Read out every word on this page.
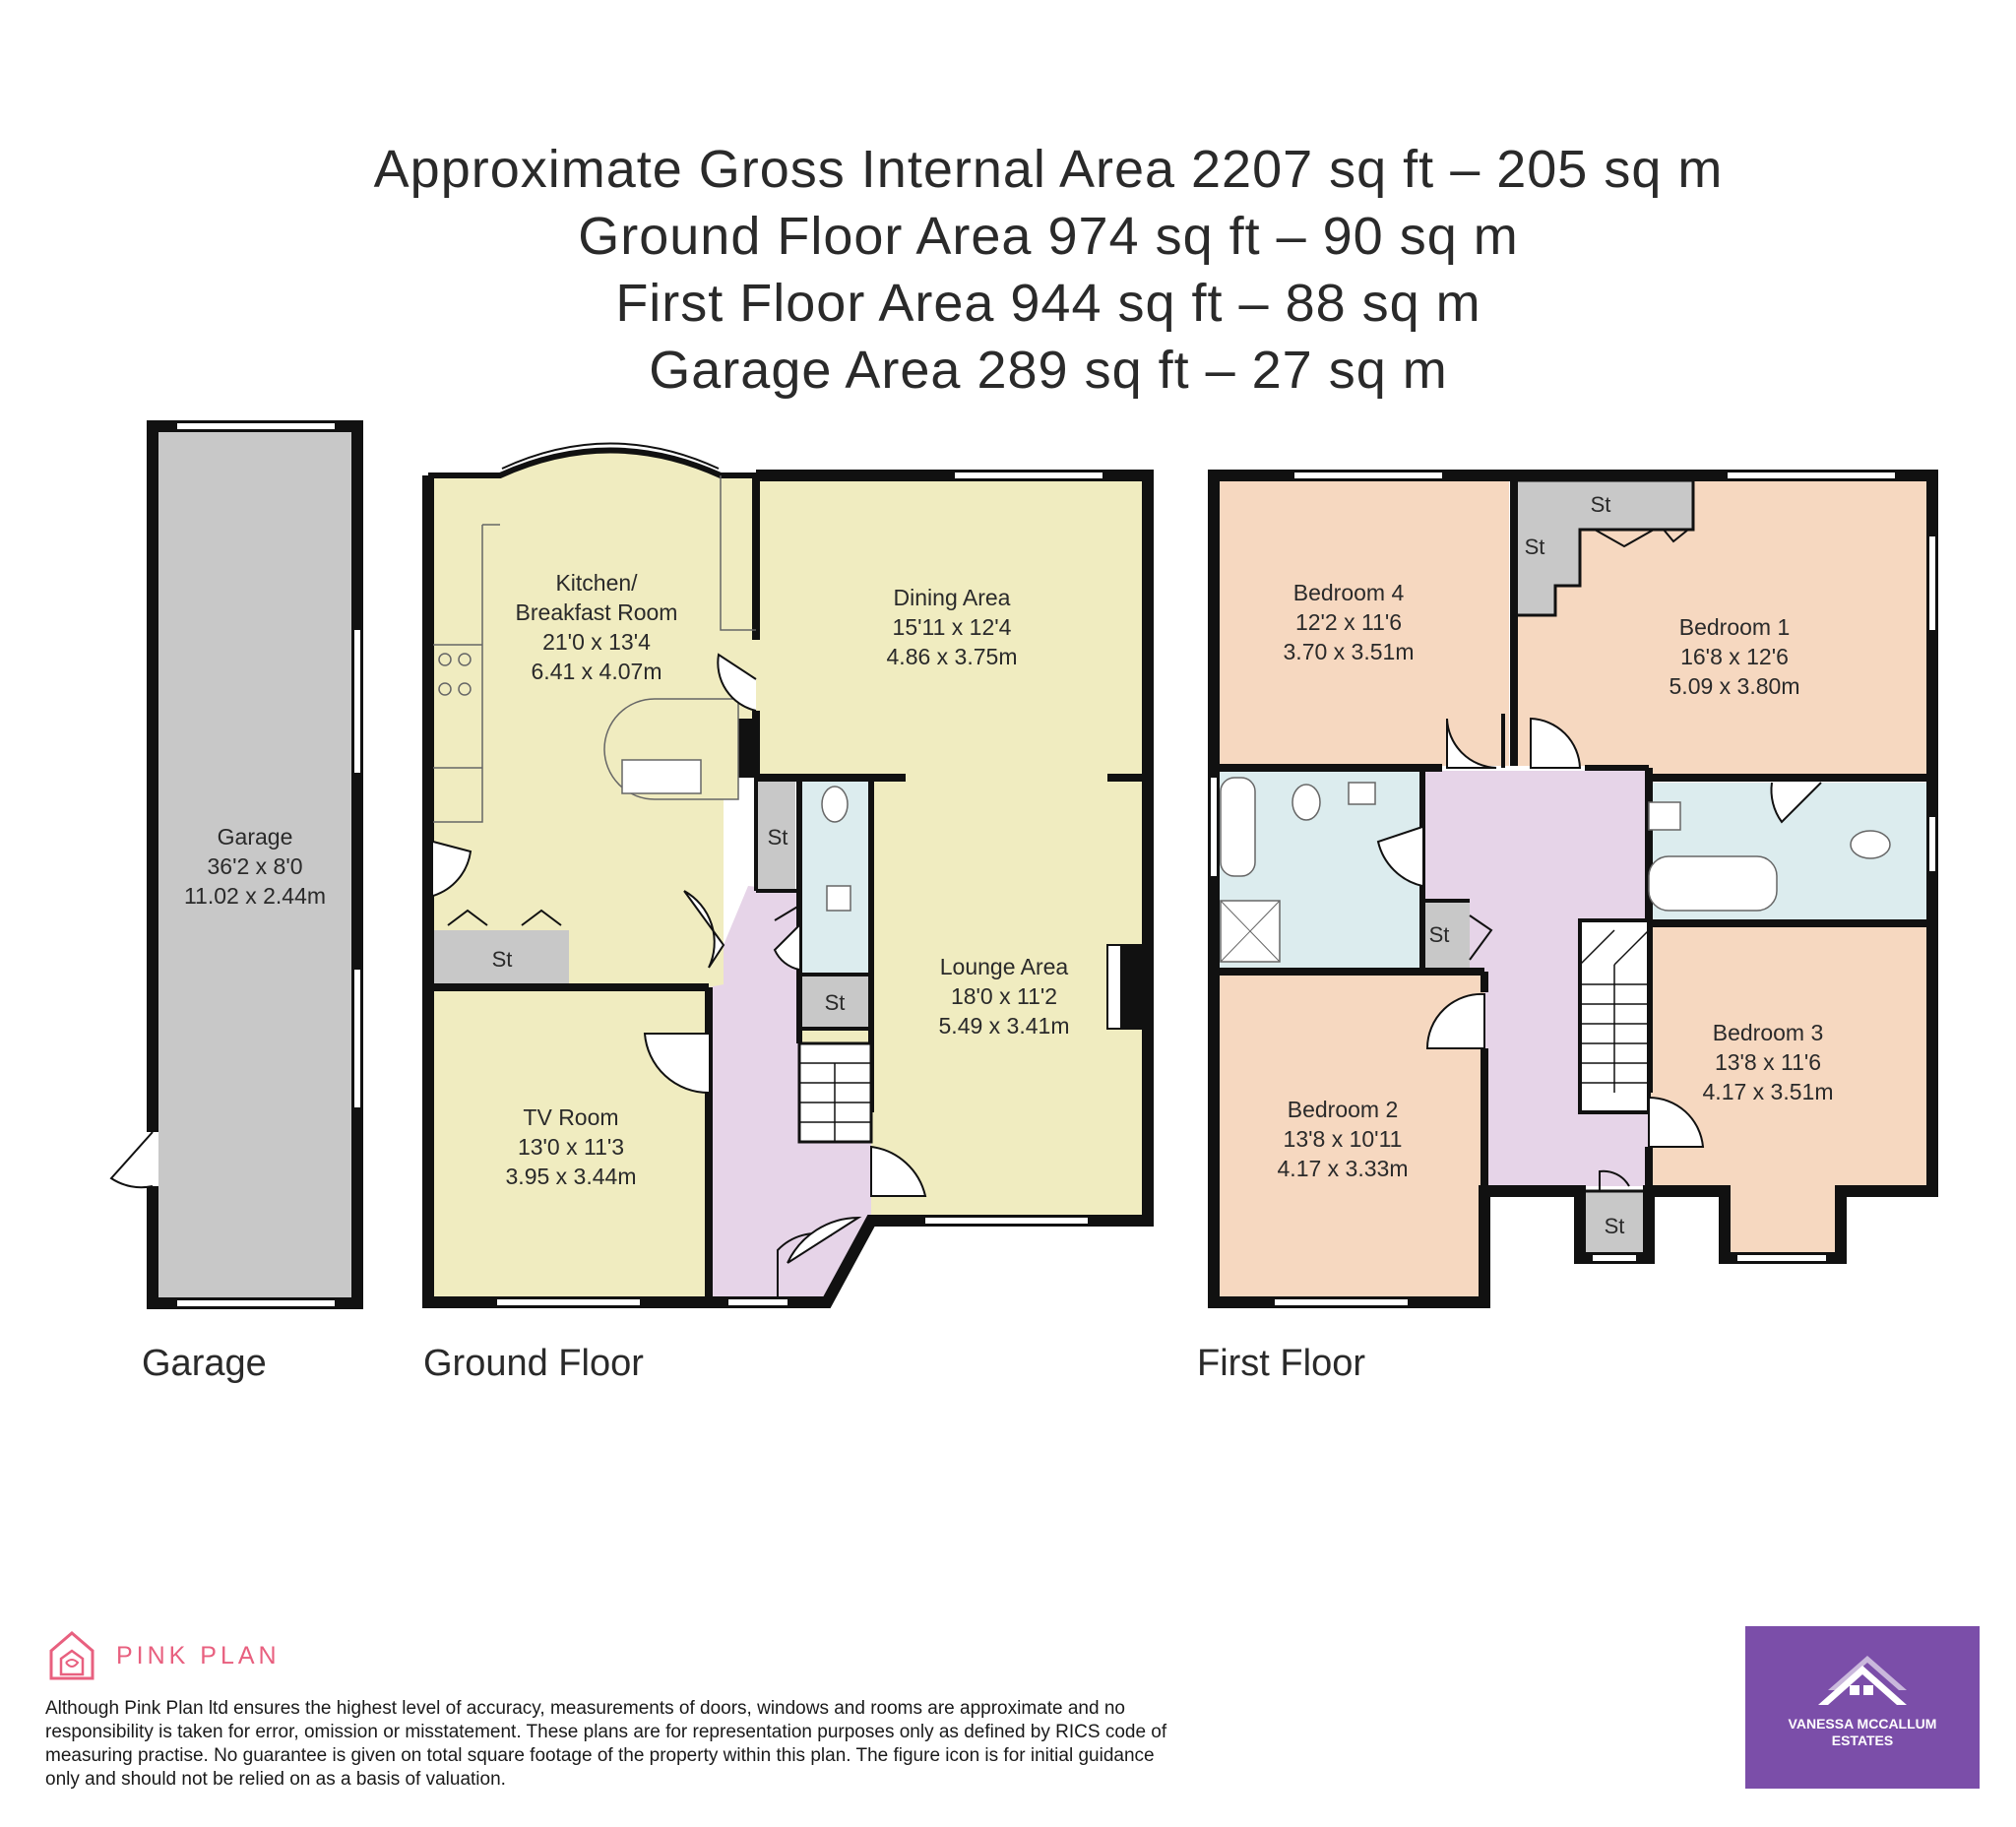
Approximate Gross Internal Area 2207 sq ft – 205 sq m
Ground Floor Area 974 sq ft – 90 sq m
First Floor Area 944 sq ft – 88 sq m
Garage Area 289 sq ft – 27 sq m
Garage
36'2 x 8'0
11.02 x 2.44m
Kitchen/
Breakfast Room
21'0 x 13'4
6.41 x 4.07m
Dining Area
15'11 x 12'4
4.86 x 3.75m
Lounge Area
18'0 x 11'2
5.49 x 3.41m
TV Room
13'0 x 11'3
3.95 x 3.44m
St
St
St
Bedroom 4
12'2 x 11'6
3.70 x 3.51m
Bedroom 1
16'8 x 12'6
5.09 x 3.80m
Bedroom 2
13'8 x 10'11
4.17 x 3.33m
Bedroom 3
13'8 x 11'6
4.17 x 3.51m
St
St
St
St
Garage	Ground Floor	First Floor
PINK PLAN
Although Pink Plan ltd ensures the highest level of accuracy, measurements of doors, windows and rooms are approximate and no responsibility is taken for error, omission or misstatement. These plans are for representation purposes only as defined by RICS code of measuring practise. No guarantee is given on total square footage of the property within this plan. The figure icon is for initial guidance only and should not be relied on as a basis of valuation.
VANESSA MCCALLUM
ESTATES
